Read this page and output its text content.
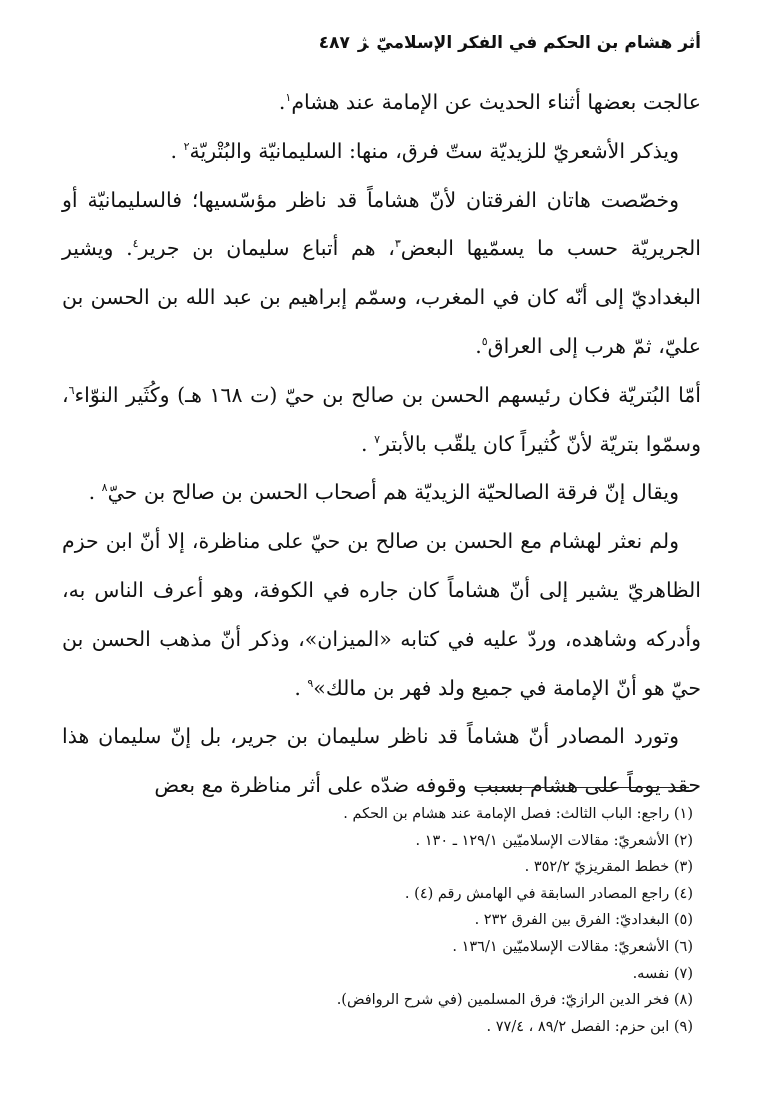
أثر هشام بن الحكم في الفكر الإسلاميّ ﮋ ٤٨٧

عالجت بعضها أثناء الحديث عن الإمامة عند هشام$^١$.

ويذكر الأشعريّ للزيديّة ستّ فرق، منها: السليمانيّة والبُتْريّة$^٢$ .

وخصّصت هاتان الفرقتان لأنّ هشاماً قد ناظر مؤسّسيها؛ فالسليمانيّة أو الجريريّة حسب ما يسمّيها البعض$^٣$، هم أتباع سليمان بن جرير$^٤$. ويشير البغداديّ إلى أنّه كان في المغرب، وسمّم إبراهيم بن عبد الله بن الحسن بن عليّ، ثمّ هرب إلى العراق$^٥$.

أمّا البُتريّة فكان رئيسهم الحسن بن صالح بن حيّ (ت ١٦٨ هـ) وكُثَير النوّاء$^٦$، وسمّوا بتريّة لأنّ كُثيراً كان يلقّب بالأبتر$^٧$ .

ويقال إنّ فرقة الصالحيّة الزيديّة هم أصحاب الحسن بن صالح بن حيّ$^٨$ .

ولم نعثر لهشام مع الحسن بن صالح بن حيّ على مناظرة، إلا أنّ ابن حزم الظاهريّ يشير إلى أنّ هشاماً كان جاره في الكوفة، وهو أعرف الناس به، وأدركه وشاهده، وردّ عليه في كتابه «الميزان»، وذكر أنّ مذهب الحسن بن حيّ هو أنّ الإمامة في جميع ولد فهر بن مالك»$^٩$ .

وتورد المصادر أنّ هشاماً قد ناظر سليمان بن جرير، بل إنّ سليمان هذا حقد يوماً على هشام بسبب وقوفه ضدّه على أثر مناظرة مع بعض

(١) راجع: الباب الثالث: فصل الإمامة عند هشام بن الحكم .
(٢) الأشعريّ: مقالات الإسلاميّين ١٢٩/١ ـ ١٣٠ .
(٣) خطط المقريزيّ ٣٥٢/٢ .
(٤) راجع المصادر السابقة في الهامش رقم (٤) .
(٥) البغداديّ: الفرق بين الفرق ٢٣٢ .
(٦) الأشعريّ: مقالات الإسلاميّين ١٣٦/١ .
(٧) نفسه.
(٨) فخر الدين الرازيّ: فرق المسلمين (في شرح الروافض).
(٩) ابن حزم: الفصل ٨٩/٢ ، ٧٧/٤ .
